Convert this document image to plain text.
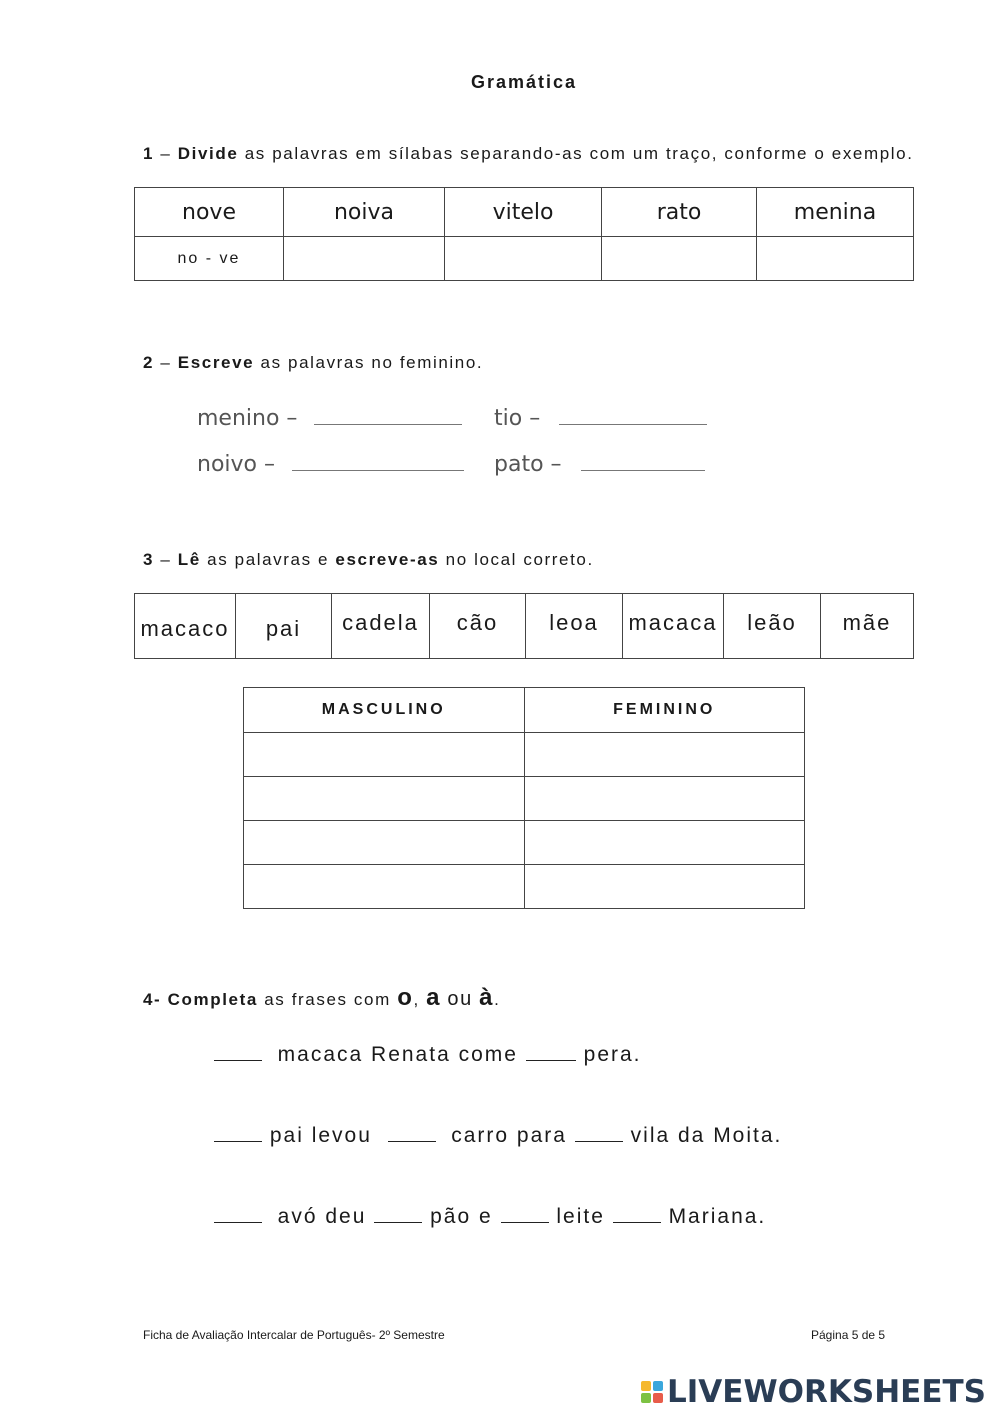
Gramática
1 – Divide as palavras em sílabas separando-as com um traço, conforme o exemplo.
nove	noiva	vitelo	rato	menina
no - ve				
2 – Escreve as palavras no feminino.
menino –	tio –
noivo –	pato –
3 – Lê as palavras e escreve-as no local correto.
macaco	pai	cadela	cão	leoa	macaca	leão	mãe
MASCULINO	FEMININO

4- Completa as frases com o, a ou à.
macaca Renata come	pera.
pai levou	carro para	vila da Moita.
avó deu	pão e	leite	Mariana.
Ficha de Avaliação Intercalar de Português- 2º Semestre	Página 5 de 5
LIVEWORKSHEETS
